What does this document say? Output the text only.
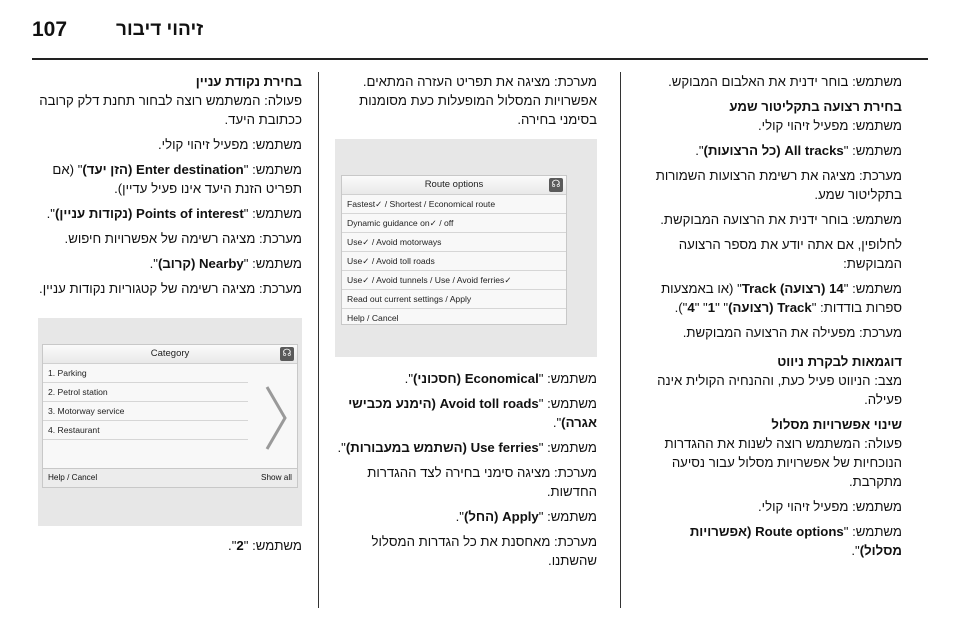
107	זיהוי דיבור

משתמש: בוחר ידנית את האלבום המבוקש.

בחירת רצועה בתקליטור שמע

משתמש: מפעיל זיהוי קולי.

משתמש: "All tracks (כל הרצועות)".

מערכת: מציגה את רשימת הרצועות השמורות בתקליטור שמע.

משתמש: בוחר ידנית את הרצועה המבוקשת.

לחלופין, אם אתה יודע את מספר הרצועה המבוקשת:

משתמש: "14 (רצועה) Track" (או באמצעות ספרות בודדות: "Track (רצועה)" "1" "4").

מערכת: מפעילה את הרצועה המבוקשת.

דוגמאות לבקרת ניווט

מצב: הניווט פעיל כעת, וההנחיה הקולית אינה פעילה.

שינוי אפשרויות מסלול

פעולה: המשתמש רוצה לשנות את ההגדרות הנוכחיות של אפשרויות מסלול עבור נסיעה מתקרבת.

משתמש: מפעיל זיהוי קולי.

משתמש: "Route options (אפשרויות מסלול)".

מערכת: מציגה את תפריט העזרה המתאים. אפשרויות המסלול המופעלות כעת מסומנות בסימני בחירה.

Route options
Fastest✓ / Shortest / Economical route
Dynamic guidance on✓ / off
Use✓ / Avoid motorways
Use✓ / Avoid toll roads
Use✓ / Avoid tunnels / Use / Avoid ferries✓
Read out current settings / Apply
Help / Cancel
☊

משתמש: "Economical (חסכוני)".

משתמש: "Avoid toll roads (הימנע מכבישי אגרה)".

משתמש: "Use ferries (השתמש במעבורות)".

מערכת: מציגה סימני בחירה לצד ההגדרות החדשות.

משתמש: "Apply (החל)".

מערכת: מאחסנת את כל הגדרות המסלול שהשתנו.

בחירת נקודת עניין

פעולה: המשתמש רוצה לבחור תחנת דלק קרובה ככתובת היעד.

משתמש: מפעיל זיהוי קולי.

משתמש: "Enter destination (הזן יעד)" (אם תפריט הזנת היעד אינו פעיל עדיין).

משתמש: "Points of interest (נקודות עניין)".

מערכת: מציגה רשימה של אפשרויות חיפוש.

משתמש: "Nearby (קרוב)".

מערכת: מציגה רשימה של קטגוריות נקודות עניין.

Category
1. Parking
2. Petrol station
3. Motorway service
4. Restaurant
Help / Cancel	Show all
☊

משתמש: "2".
